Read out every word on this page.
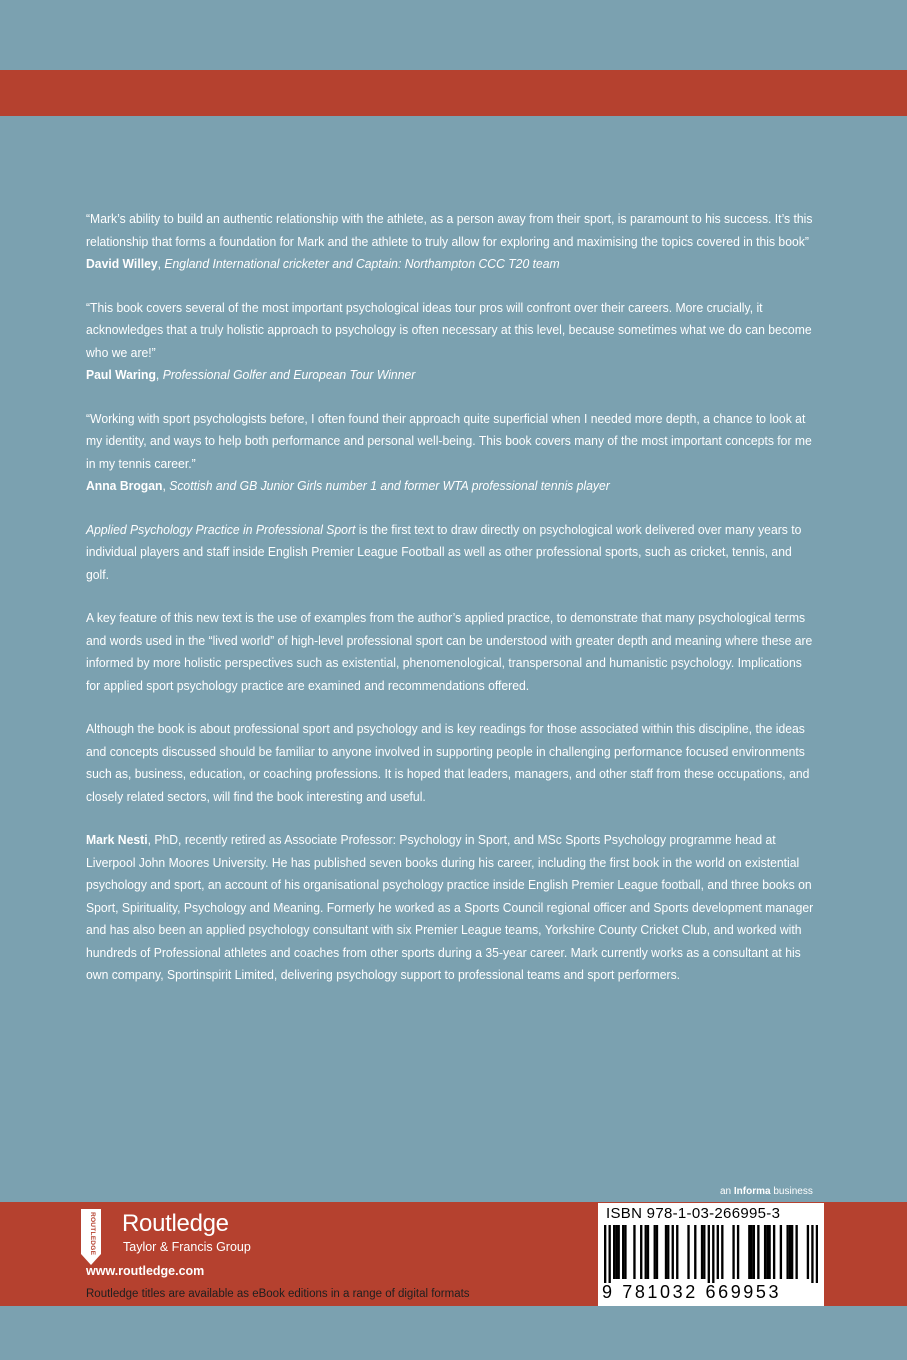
“Mark’s ability to build an authentic relationship with the athlete, as a person away from their sport, is paramount to his success. It’s this relationship that forms a foundation for Mark and the athlete to truly allow for exploring and maximising the topics covered in this book”
David Willey, England International cricketer and Captain: Northampton CCC T20 team
“This book covers several of the most important psychological ideas tour pros will confront over their careers. More crucially, it acknowledges that a truly holistic approach to psychology is often necessary at this level, because sometimes what we do can become who we are!”
Paul Waring, Professional Golfer and European Tour Winner
“Working with sport psychologists before, I often found their approach quite superficial when I needed more depth, a chance to look at my identity, and ways to help both performance and personal well-being. This book covers many of the most important concepts for me in my tennis career.”
Anna Brogan, Scottish and GB Junior Girls number 1 and former WTA professional tennis player
Applied Psychology Practice in Professional Sport is the first text to draw directly on psychological work delivered over many years to individual players and staff inside English Premier League Football as well as other professional sports, such as cricket, tennis, and golf.
A key feature of this new text is the use of examples from the author’s applied practice, to demonstrate that many psychological terms and words used in the “lived world” of high-level professional sport can be understood with greater depth and meaning where these are informed by more holistic perspectives such as existential, phenomenological, transpersonal and humanistic psychology. Implications for applied sport psychology practice are examined and recommendations offered.
Although the book is about professional sport and psychology and is key readings for those associated within this discipline, the ideas and concepts discussed should be familiar to anyone involved in supporting people in challenging performance focused environments such as, business, education, or coaching professions. It is hoped that leaders, managers, and other staff from these occupations, and closely related sectors, will find the book interesting and useful.
Mark Nesti, PhD, recently retired as Associate Professor: Psychology in Sport, and MSc Sports Psychology programme head at Liverpool John Moores University. He has published seven books during his career, including the first book in the world on existential psychology and sport, an account of his organisational psychology practice inside English Premier League football, and three books on Sport, Spirituality, Psychology and Meaning. Formerly he worked as a Sports Council regional officer and Sports development manager and has also been an applied psychology consultant with six Premier League teams, Yorkshire County Cricket Club, and worked with hundreds of Professional athletes and coaches from other sports during a 35-year career. Mark currently works as a consultant at his own company, Sportinspirit Limited, delivering psychology support to professional teams and sport performers.
an Informa business
ROUTLEDGE Routledge
Taylor & Francis Group
www.routledge.com
Routledge titles are available as eBook editions in a range of digital formats
ISBN 978-1-03-266995-3
9 781032 669953
